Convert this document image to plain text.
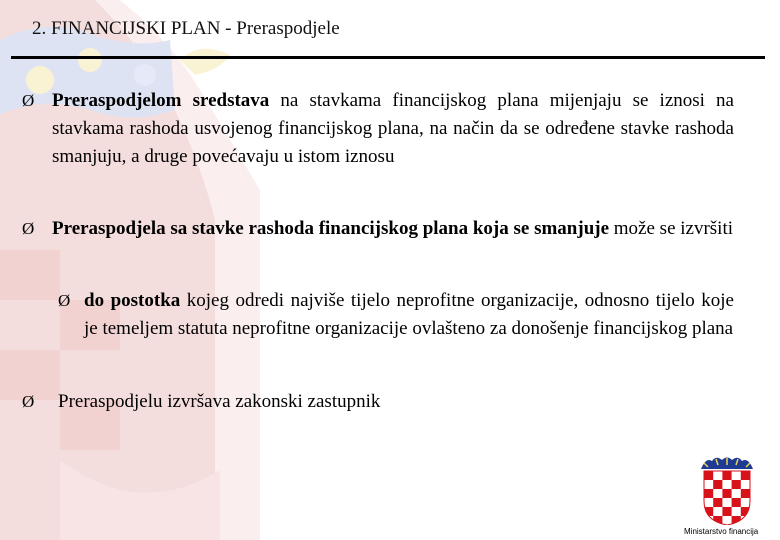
2. FINANCIJSKI PLAN - Preraspodjele
Ø Preraspodjelom sredstava na stavkama financijskog plana mijenjaju se iznosi na stavkama rashoda usvojenog financijskog plana, na način da se određene stavke rashoda smanjuju, a druge povećavaju u istom iznosu
Ø Preraspodjela sa stavke rashoda financijskog plana koja se smanjuje može se izvršiti
Ø do postotka kojeg odredi najviše tijelo neprofitne organizacije, odnosno tijelo koje je temeljem statuta neprofitne organizacije ovlašteno za donošenje financijskog plana
Ø	Preraspodjelu izvršava zakonski zastupnik
Ministarstvo financija
